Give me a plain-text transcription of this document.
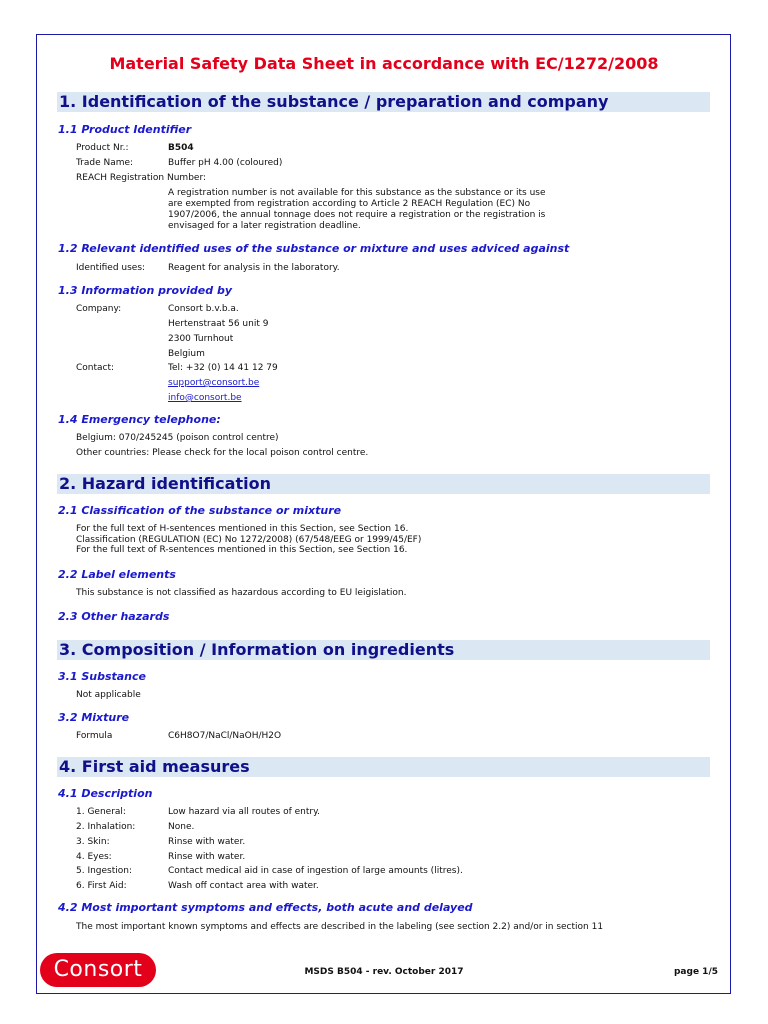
Material Safety Data Sheet in accordance with EC/1272/2008
1. Identification of the substance / preparation and company
1.1 Product Identifier
Product Nr.:	B504
Trade Name:	Buffer pH 4.00 (coloured)
REACH Registration Number:
A registration number is not available for this substance as the substance or its use
are exempted from registration according to Article 2 REACH Regulation (EC) No
1907/2006, the annual tonnage does not require a registration or the registration is
envisaged for a later registration deadline.
1.2 Relevant identified uses of the substance or mixture and uses adviced against
Identified uses:	Reagent for analysis in the laboratory.
1.3 Information provided by
Company:	Consort b.v.b.a.
Hertenstraat 56 unit 9
2300 Turnhout
Belgium
Contact:	Tel: +32 (0) 14 41 12 79
support@consort.be
info@consort.be
1.4 Emergency telephone:
Belgium: 070/245245 (poison control centre)
Other countries: Please check for the local poison control centre.
2. Hazard identification
2.1 Classification of the substance or mixture
For the full text of H-sentences mentioned in this Section, see Section 16.
Classification (REGULATION (EC) No 1272/2008) (67/548/EEG or 1999/45/EF)
For the full text of R-sentences mentioned in this Section, see Section 16.
2.2 Label elements
This substance is not classified as hazardous according to EU leigislation.
2.3 Other hazards
3. Composition / Information on ingredients
3.1 Substance
Not applicable
3.2 Mixture
Formula	C6H8O7/NaCl/NaOH/H2O
4. First aid measures
4.1 Description
1. General:	Low hazard via all routes of entry.
2. Inhalation:	None.
3. Skin:	Rinse with water.
4. Eyes:	Rinse with water.
5. Ingestion:	Contact medical aid in case of ingestion of large amounts (litres).
6. First Aid:	Wash off contact area with water.
4.2 Most important symptoms and effects, both acute and delayed
The most important known symptoms and effects are described in the labeling (see section 2.2) and/or in section 11
Consort	MSDS B504 - rev. October 2017	page 1/5
